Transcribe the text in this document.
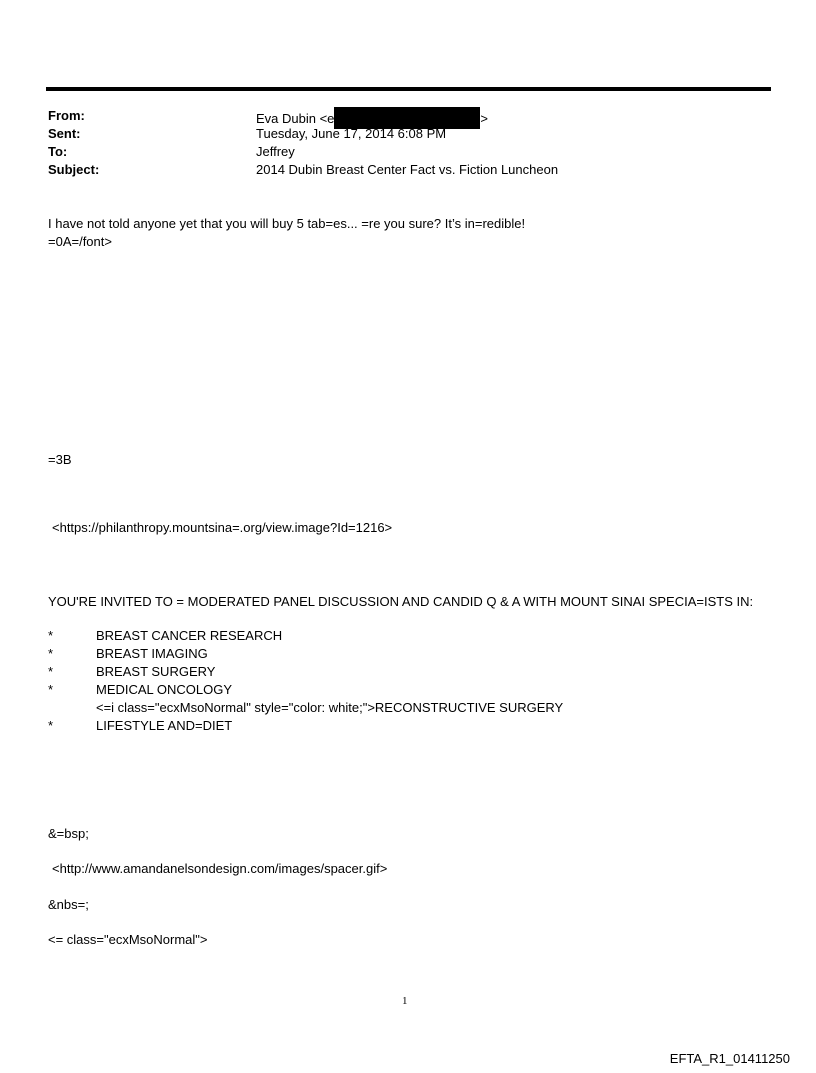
From:	Eva Dubin <e	>
Sent:	Tuesday, June 17, 2014 6:08 PM
To:	Jeffrey
Subject:	2014 Dubin Breast Center Fact vs. Fiction Luncheon
I have not told anyone yet that you will buy 5 tab=es... =re you sure? It’s in=redible!
=0A=/font>
=3B
<https://philanthropy.mountsina=.org/view.image?Id=1216>
YOU'RE INVITED TO = MODERATED PANEL DISCUSSION AND CANDID Q & A WITH MOUNT SINAI SPECIA=ISTS IN:
*	BREAST CANCER RESEARCH
*	BREAST IMAGING
*	BREAST SURGERY
*	MEDICAL ONCOLOGY
<=i class="ecxMsoNormal" style="color: white;">RECONSTRUCTIVE SURGERY
*	LIFESTYLE AND=DIET
&=bsp;
<http://www.amandanelsondesign.com/images/spacer.gif>
&nbs=;
<= class="ecxMsoNormal">
1
EFTA_R1_01411250
